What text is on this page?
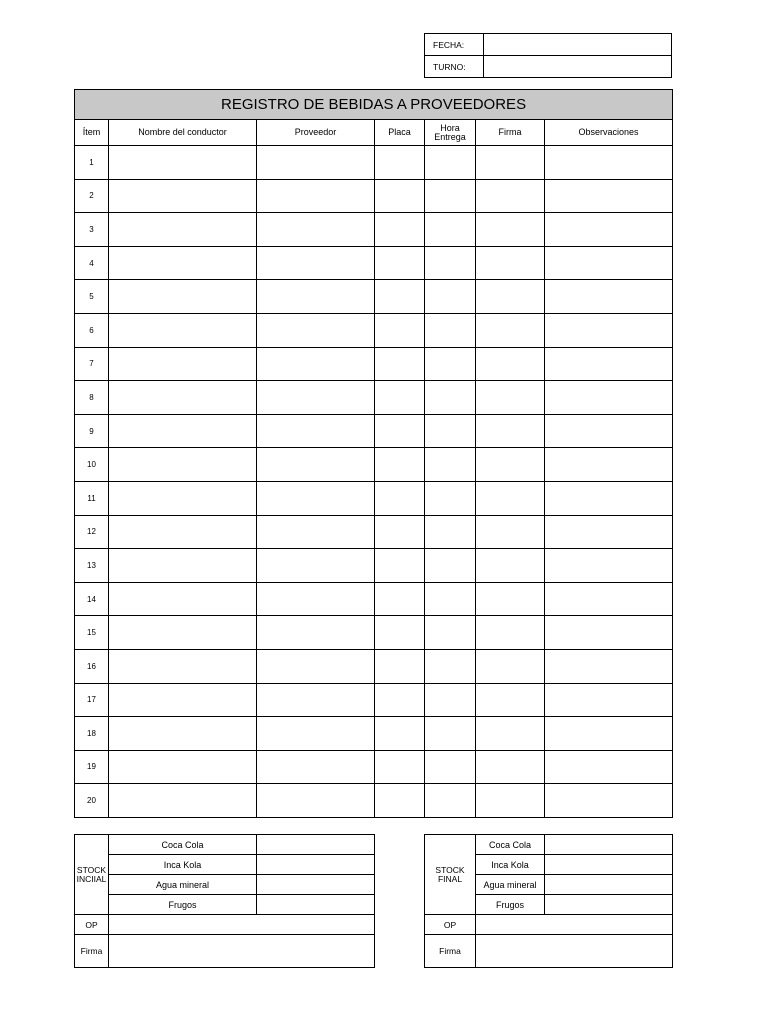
FECHA:	
TURNO:	
REGISTRO DE BEBIDAS A PROVEEDORES						
Ítem	Nombre del conductor	Proveedor	Placa	Hora Entrega	Firma	Observaciones
1						
2						
3						
4						
5						
6						
7						
8						
9						
10						
11						
12						
13						
14						
15						
16						
17						
18						
19						
20						
STOCK
INCIIAL	Coca Cola	
	Inca Kola	
	Agua mineral	
	Frugos	
OP		
Firma		
STOCK
FINAL	Coca Cola	
	Inca Kola	
	Agua mineral	
	Frugos	
OP		
Firma		
